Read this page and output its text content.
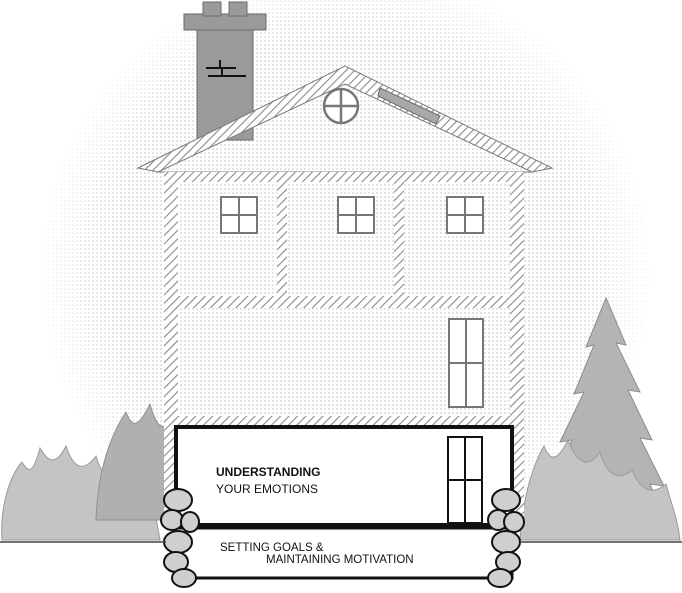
UNDERSTANDING
YOUR EMOTIONS
SETTING GOALS &
MAINTAINING MOTIVATION
